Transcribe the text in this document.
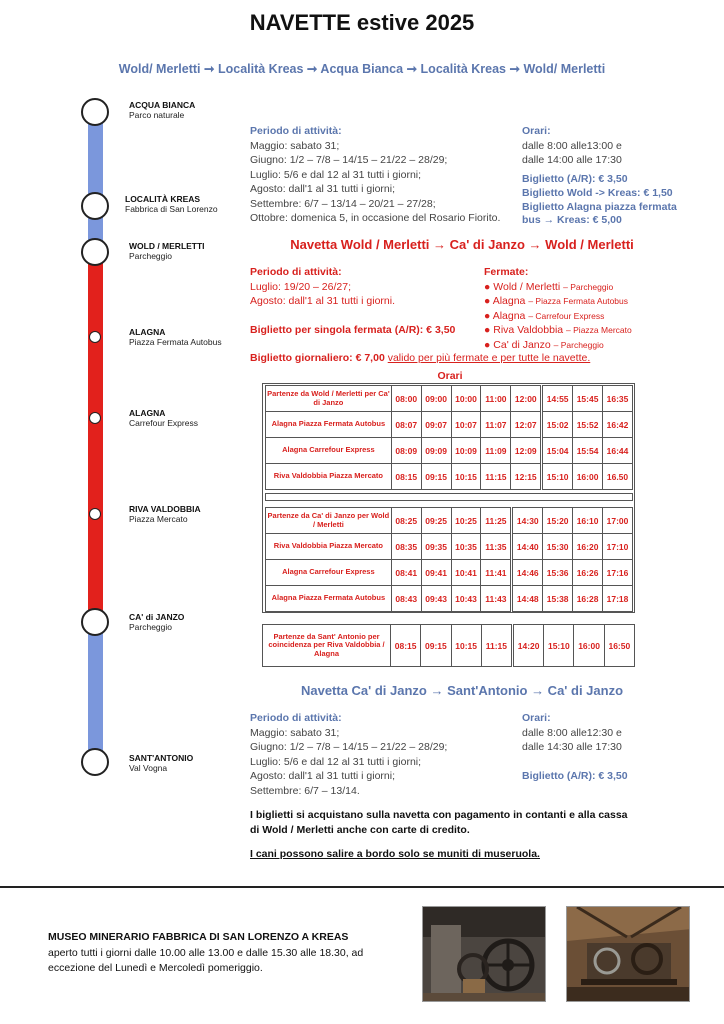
NAVETTE estive 2025
Wold/ Merletti ➞ Località Kreas ➞ Acqua Bianca ➞ Località Kreas ➞ Wold/ Merletti
ACQUA BIANCA
Parco naturale
LOCALITÀ KREAS
Fabbrica di San Lorenzo
WOLD / MERLETTI
Parcheggio
ALAGNA
Piazza Fermata Autobus
ALAGNA
Carrefour Express
RIVA VALDOBBIA
Piazza Mercato
CA' di JANZO
Parcheggio
SANT'ANTONIO
Val Vogna
Periodo di attività:
Maggio: sabato 31;
Giugno: 1/2 – 7/8 – 14/15 – 21/22 – 28/29;
Luglio: 5/6 e dal 12 al 31 tutti i giorni;
Agosto: dall'1 al 31 tutti i giorni;
Settembre: 6/7 – 13/14 – 20/21 – 27/28;
Ottobre: domenica 5, in occasione del Rosario Fiorito.
Orari:
dalle 8:00 alle13:00 e
dalle 14:00 alle 17:30
Biglietto (A/R): € 3,50
Biglietto Wold -> Kreas: € 1,50
Biglietto Alagna piazza fermata bus → Kreas: € 5,00
Navetta Wold / Merletti → Ca' di Janzo → Wold / Merletti
Periodo di attività:
Luglio: 19/20 – 26/27;
Agosto: dall'1 al 31 tutti i giorni.
Fermate:
● Wold / Merletti – Parcheggio
● Alagna – Piazza Fermata Autobus
● Alagna – Carrefour Express
● Riva Valdobbia – Piazza Mercato
● Ca' di Janzo – Parcheggio
Biglietto per singola fermata (A/R): € 3,50
Biglietto giornaliero: € 7,00 valido per più fermate e per tutte le navette.
Orari
Partenze da Wold / Merletti per Ca' di Janzo	08:00	09:00	10:00	11:00	12:00	14:55	15:45	16:35
Alagna Piazza Fermata Autobus	08:07	09:07	10:07	11:07	12:07	15:02	15:52	16:42
Alagna Carrefour Express	08:09	09:09	10:09	11:09	12:09	15:04	15:54	16:44
Riva Valdobbia Piazza Mercato	08:15	09:15	10:15	11:15	12:15	15:10	16:00	16.50
Partenze da Ca' di Janzo per Wold / Merletti	08:25	09:25	10:25	11:25	14:30	15:20	16:10	17:00
Riva Valdobbia Piazza Mercato	08:35	09:35	10:35	11:35	14:40	15:30	16:20	17:10
Alagna Carrefour Express	08:41	09:41	10:41	11:41	14:46	15:36	16:26	17:16
Alagna Piazza Fermata Autobus	08:43	09:43	10:43	11:43	14:48	15:38	16:28	17:18
Partenze da Sant' Antonio per coincidenza per Riva Valdobbia / Alagna	08:15	09:15	10:15	11:15	14:20	15:10	16:00	16:50
Navetta Ca' di Janzo → Sant'Antonio → Ca' di Janzo
Periodo di attività:
Maggio: sabato 31;
Giugno: 1/2 – 7/8 – 14/15 – 21/22 – 28/29;
Luglio: 5/6 e dal 12 al 31 tutti i giorni;
Agosto: dall'1 al 31 tutti i giorni;
Settembre: 6/7 – 13/14.
Orari:
dalle 8:00 alle12:30 e
dalle 14:30 alle 17:30
Biglietto (A/R): € 3,50
I biglietti si acquistano sulla navetta con pagamento in contanti e alla cassa di Wold / Merletti anche con carte di credito.
I cani possono salire a bordo solo se muniti di museruola.
MUSEO MINERARIO FABBRICA DI SAN LORENZO A KREAS
aperto tutti i giorni dalle 10.00 alle 13.00 e dalle 15.30 alle 18.30, ad eccezione del Lunedì e Mercoledì pomeriggio.
